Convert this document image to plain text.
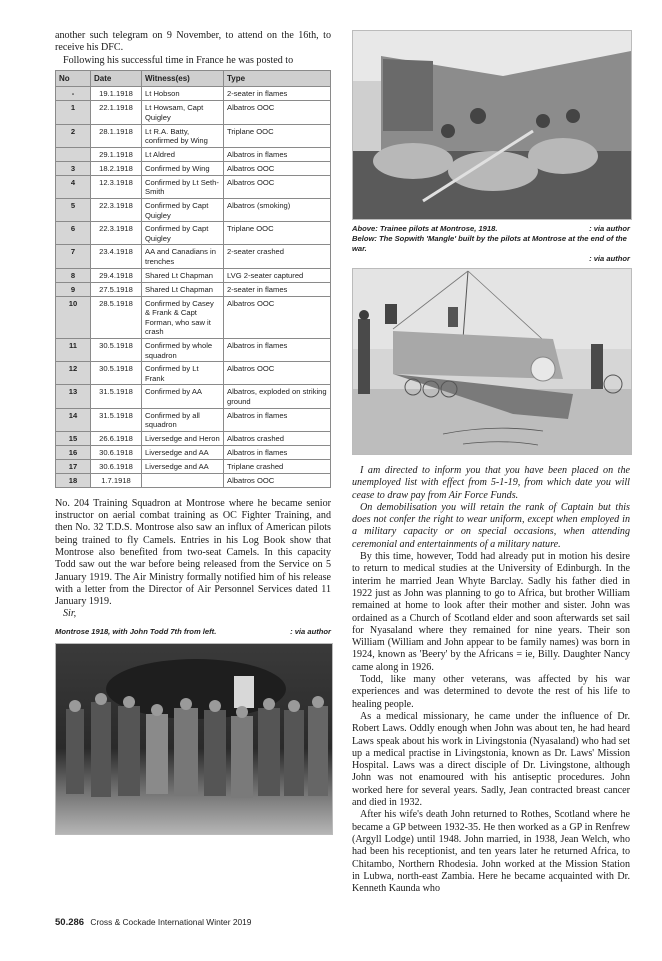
another such telegram on 9 November, to attend on the 16th, to receive his DFC.

Following his successful time in France he was posted to

No	Date	Witness(es)	Type
-	19.1.1918	Lt Hobson	2-seater in flames
1	22.1.1918	Lt Howsam, Capt Quigley	Albatros OOC
2	28.1.1918	Lt R.A. Batty, confirmed by Wing	Triplane OOC
	29.1.1918	Lt Aldred	Albatros in flames
3	18.2.1918	Confirmed by Wing	Albatros OOC
4	12.3.1918	Confirmed by Lt Seth-Smith	Albatros OOC
5	22.3.1918	Confirmed by Capt Quigley	Albatros (smoking)
6	22.3.1918	Confirmed by Capt Quigley	Triplane OOC
7	23.4.1918	AA and Canadians in trenches	2-seater crashed
8	29.4.1918	Shared Lt Chapman	LVG 2-seater captured
9	27.5.1918	Shared Lt Chapman	2-seater in flames
10	28.5.1918	Confirmed by Casey & Frank & Capt Forman, who saw it crash	Albatros OOC
11	30.5.1918	Confirmed by whole squadron	Albatros in flames
12	30.5.1918	Confirmed by Lt Frank	Albatros OOC
13	31.5.1918	Confirmed by AA	Albatros, exploded on striking ground
14	31.5.1918	Confirmed by all squadron	Albatros in flames
15	26.6.1918	Liversedge and Heron	Albatros crashed
16	30.6.1918	Liversedge and AA	Albatros in flames
17	30.6.1918	Liversedge and AA	Triplane crashed
18	1.7.1918		Albatros OOC

No. 204 Training Squadron at Montrose where he became senior instructor on aerial combat training as OC Fighter Training, and then No. 32 T.D.S. Montrose also saw an influx of American pilots being trained to fly Camels. Entries in his Log Book show that Montrose also benefited from two-seat Camels. In this capacity Todd saw out the war before being released from the Service on 5 January 1919. The Air Ministry formally notified him of his release with a letter from the Director of Air Personnel Services dated 11 January 1919.

Sir,
Montrose 1918, with John Todd 7th from left.	: via author
Above: Trainee pilots at Montrose, 1918.	: via author
Below: The Sopwith 'Mangle' built by the pilots at Montrose at the end of the war.
: via author

I am directed to inform you that you have been placed on the unemployed list with effect from 5-1-19, from which date you will cease to draw pay from Air Force Funds.

On demobilisation you will retain the rank of Captain but this does not confer the right to wear uniform, except when employed in a military capacity or on special occasions, when attending ceremonial and entertainments of a military nature.

By this time, however, Todd had already put in motion his desire to return to medical studies at the University of Edinburgh. In the interim he married Jean Whyte Barclay. Sadly his father died in 1922 just as John was planning to go to Africa, but brother William remained at home to look after their mother and sister. John was ordained as a Church of Scotland elder and soon afterwards set sail for Nyasaland where they remained for nine years. Their son William (William and John appear to be family names) was born in 1924, known as 'Beery' by the Africans = ie, Billy. Daughter Nancy came along in 1926.

Todd, like many other veterans, was affected by his war experiences and was determined to devote the rest of his life to healing people.

As a medical missionary, he came under the influence of Dr. Robert Laws. Oddly enough when John was about ten, he had heard Laws speak about his work in Livingstonia (Nyasaland) who had set up a medical practise in Livingstonia, known as Dr. Laws' Mission Hospital. Laws was a direct disciple of Dr. Livingstone, although John was not enamoured with his antiseptic procedures. John worked here for several years. Sadly, Jean contracted breast cancer and died in 1932.

After his wife's death John returned to Rothes, Scotland where he became a GP between 1932-35. He then worked as a GP in Renfrew (Argyll Lodge) until 1948. John married, in 1938, Jean Welch, who had been his receptionist, and ten years later he returned Africa, to Chitambo, Northern Rhodesia. John worked at the Mission Station in Lubwa, north-east Zambia. Here he became acquainted with Dr. Kenneth Kaunda who

50.286 Cross & Cockade International Winter 2019
